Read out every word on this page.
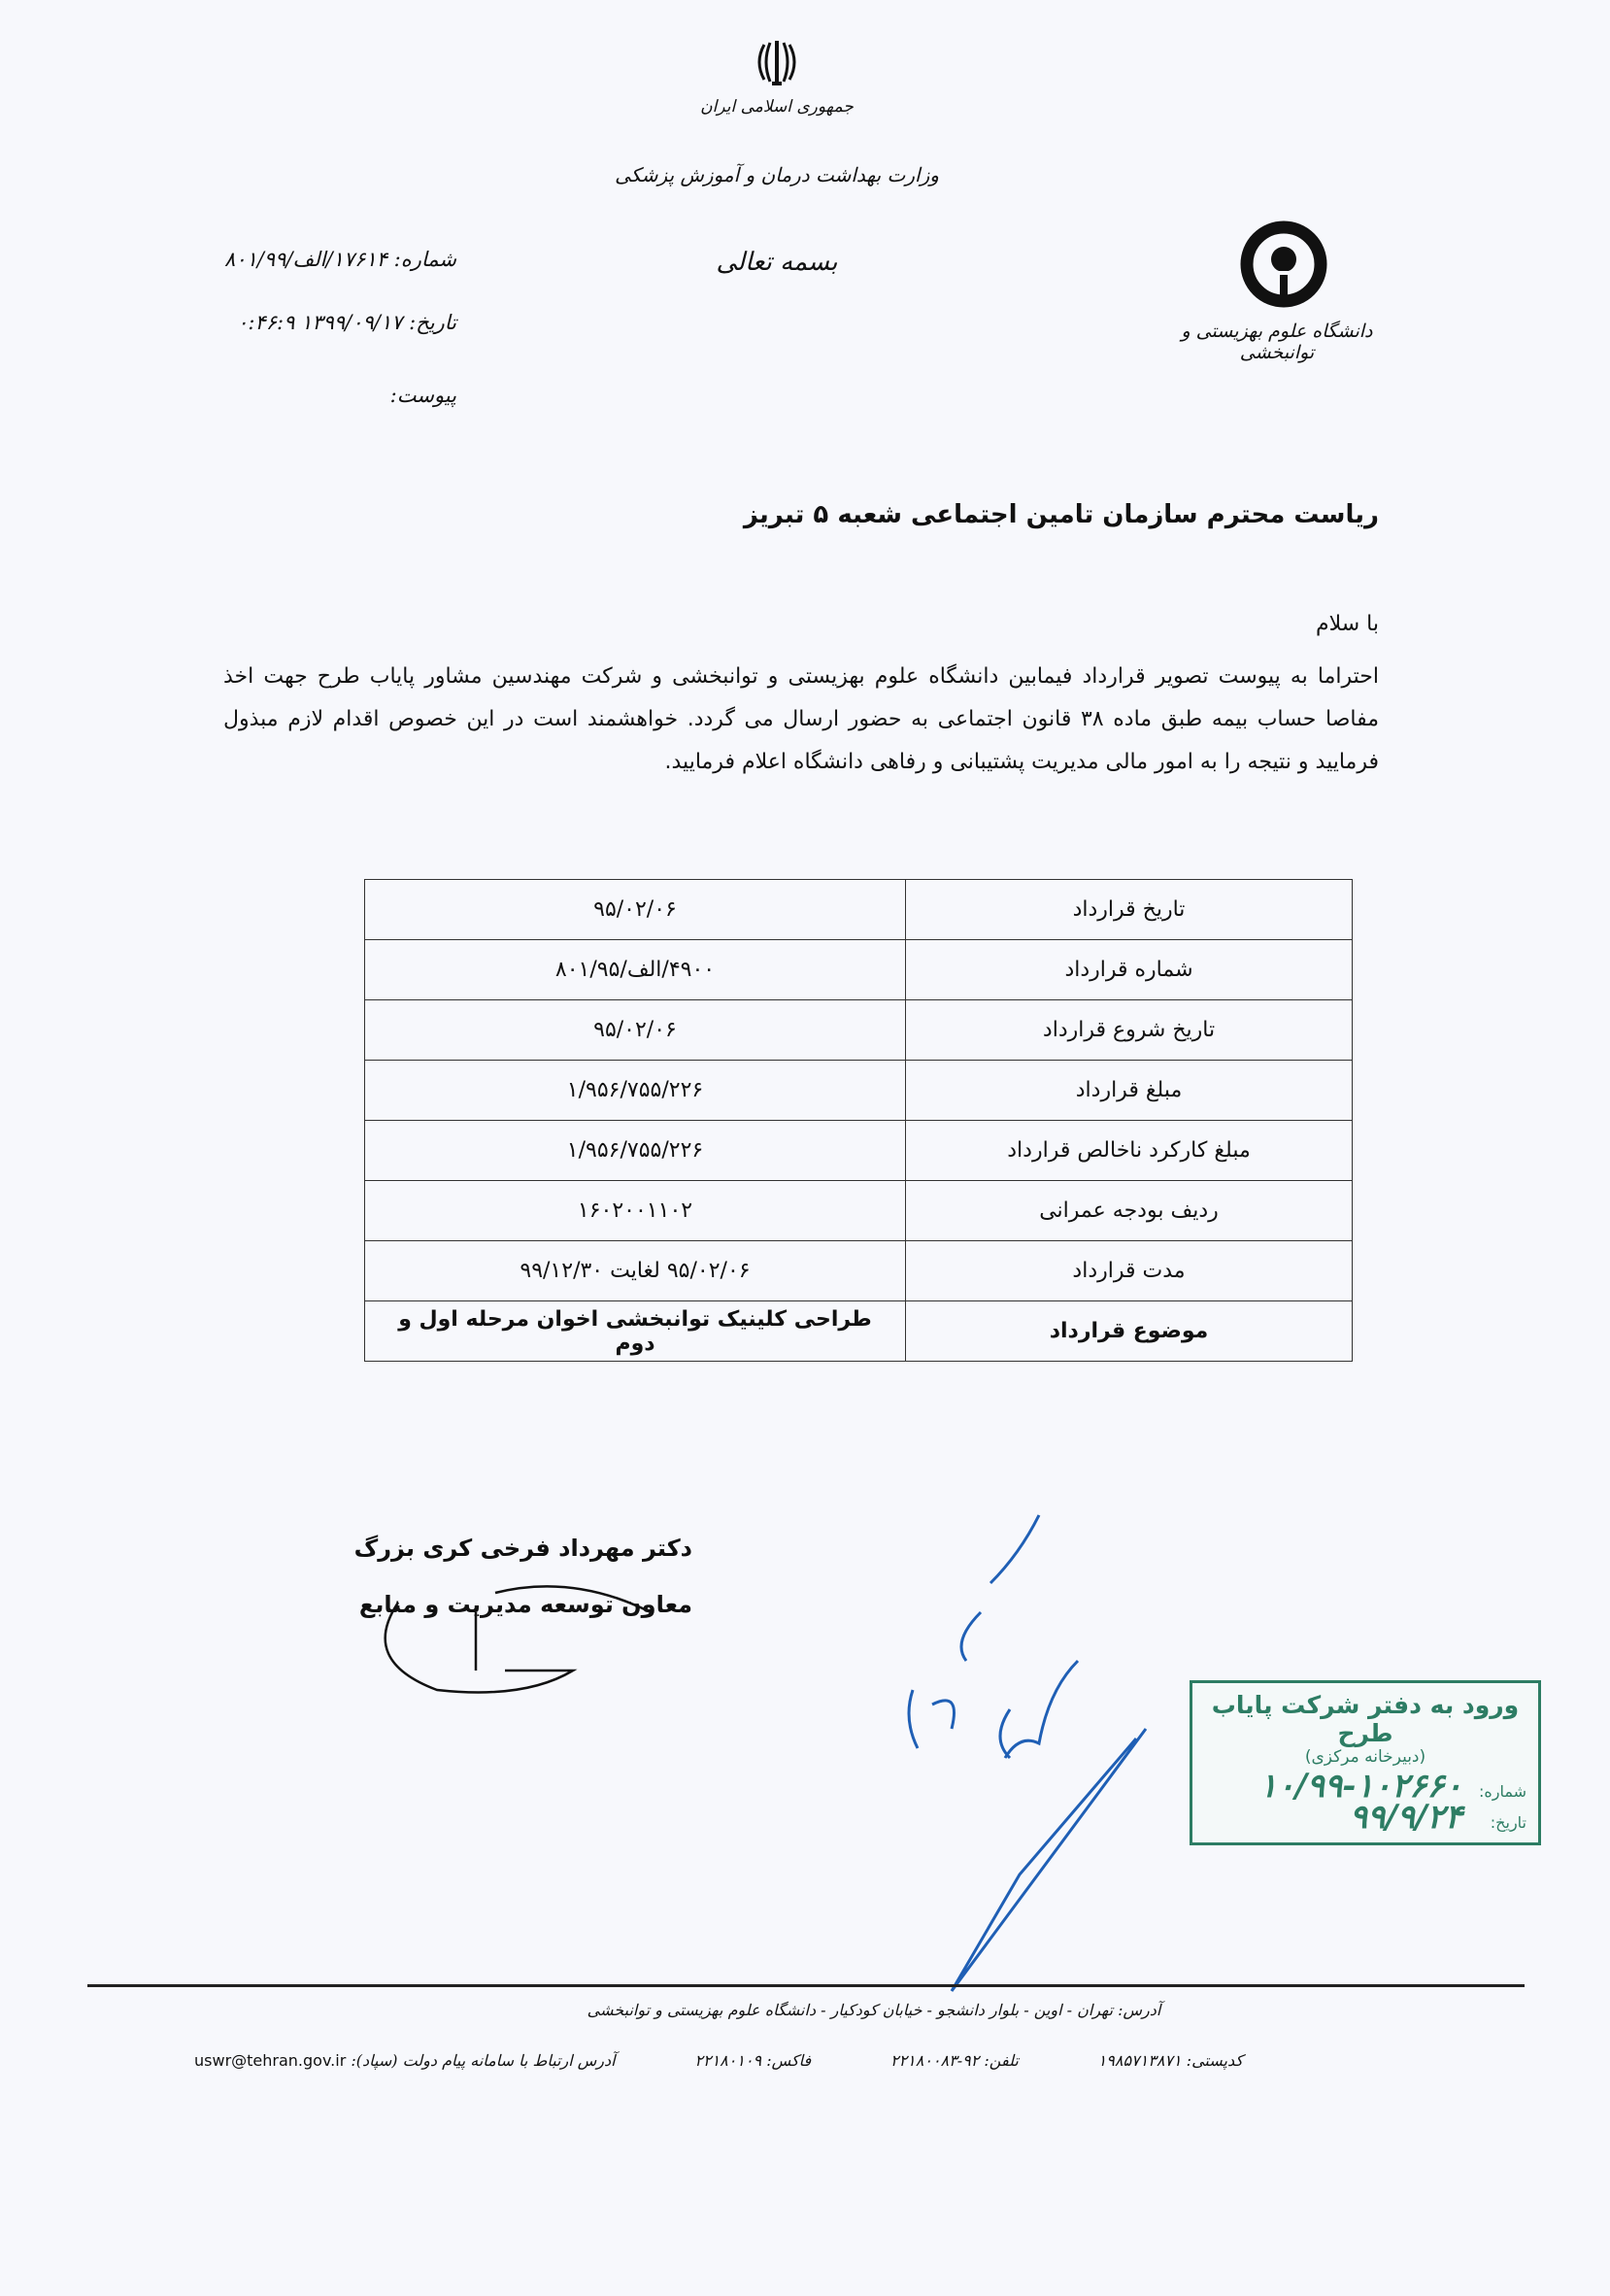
جمهوری اسلامی ایران
وزارت بهداشت درمان و آموزش پزشکی
بسمه تعالی
دانشگاه علوم بهزیستی و توانبخشی
شماره: ۱۷۶۱۴/الف/۸۰۱/۹۹
تاریخ: ۱۳۹۹/۰۹/۱۷ ۰:۴۶:۹
پیوست:
ریاست محترم سازمان تامین اجتماعی شعبه ۵ تبریز
با سلام
احتراما به پیوست تصویر قرارداد فیمابین دانشگاه علوم بهزیستی و توانبخشی و شرکت مهندسین مشاور پایاب طرح جهت اخذ مفاصا حساب بیمه طبق ماده ۳۸ قانون اجتماعی به حضور ارسال می گردد. خواهشمند است در این خصوص اقدام لازم مبذول فرمایید و نتیجه را به امور مالی مدیریت پشتیبانی و رفاهی دانشگاه اعلام فرمایید.
تاریخ قرارداد	۹۵/۰۲/۰۶
شماره قرارداد	۴۹۰۰/الف/۸۰۱/۹۵
تاریخ شروع قرارداد	۹۵/۰۲/۰۶
مبلغ قرارداد	۱/۹۵۶/۷۵۵/۲۲۶
مبلغ کارکرد ناخالص قرارداد	۱/۹۵۶/۷۵۵/۲۲۶
ردیف بودجه عمرانی	۱۶۰۲۰۰۱۱۰۲
مدت قرارداد	۹۵/۰۲/۰۶ لغایت ۹۹/۱۲/۳۰
موضوع قرارداد	طراحی کلینیک توانبخشی اخوان مرحله اول و دوم
دکتر مهرداد فرخی کری بزرگ
معاون توسعه مدیریت و منابع
ورود به دفتر شرکت پایاب طرح
(دبیرخانه مرکزی)
شماره:
۱۰/۹۹-۱۰۲۶۶۰
تاریخ:
۹۹/۹/۲۴
آدرس: تهران - اوین - بلوار دانشجو - خیابان کودکیار - دانشگاه علوم بهزیستی و توانبخشی
کدپستی: ۱۹۸۵۷۱۳۸۷۱
تلفن: ۹۲-۲۲۱۸۰۰۸۳
فاکس: ۲۲۱۸۰۱۰۹
آدرس ارتباط با سامانه پیام دولت (سپاد): uswr@tehran.gov.ir
